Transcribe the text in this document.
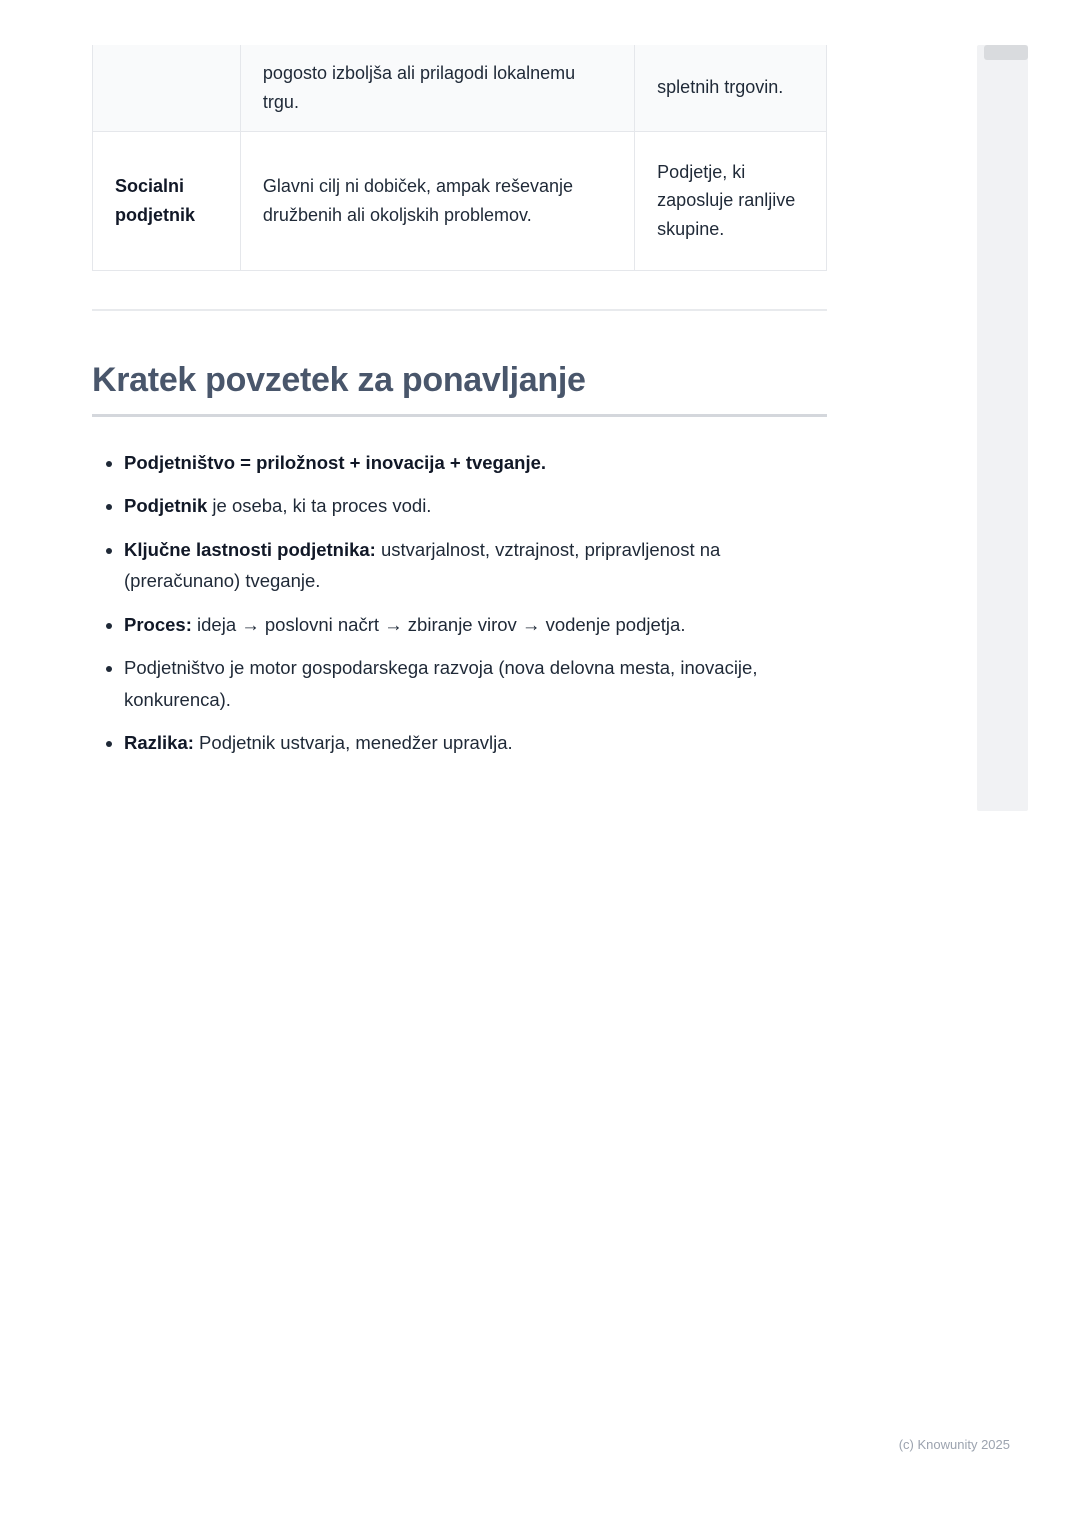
	pogosto izboljša ali prilagodi lokalnemu trgu.	spletnih trgovin.
Socialni podjetnik	Glavni cilj ni dobiček, ampak reševanje družbenih ali okoljskih problemov.	Podjetje, ki zaposluje ranljive skupine.
Kratek povzetek za ponavljanje
• Podjetništvo = priložnost + inovacija + tveganje.
• Podjetnik je oseba, ki ta proces vodi.
• Ključne lastnosti podjetnika: ustvarjalnost, vztrajnost, pripravljenost na (preračunano) tveganje.
• Proces: ideja → poslovni načrt → zbiranje virov → vodenje podjetja.
• Podjetništvo je motor gospodarskega razvoja (nova delovna mesta, inovacije, konkurenca).
• Razlika: Podjetnik ustvarja, menedžer upravlja.
(c) Knowunity 2025
